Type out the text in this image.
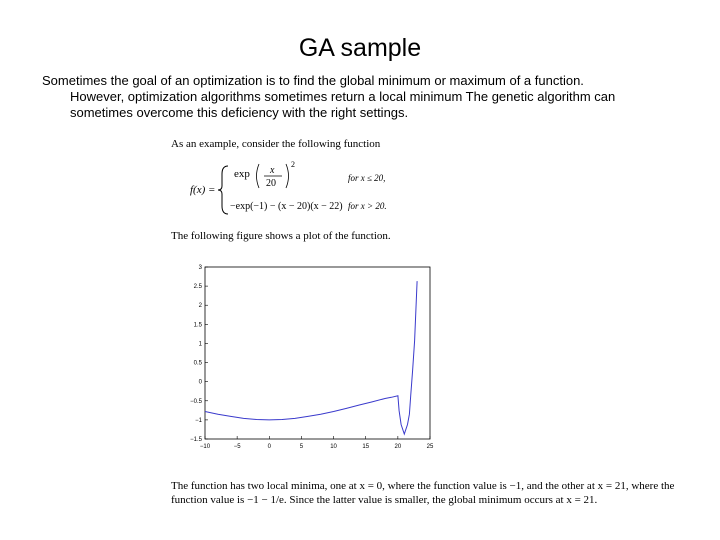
GA sample
Sometimes the goal of an optimization is to find the global minimum or maximum of a function.
However, optimization algorithms sometimes return a local minimum The genetic algorithm can
sometimes overcome this deficiency with the right settings.
As an example, consider the following function
f(x) =
exp x
20
2
for x ≤ 20,
−exp(−1) − (x − 20)(x − 22) for x > 20.
The following figure shows a plot of the function.
−10	−5	0	5	10	15	20	25
−1.5
−1
−0.5
0
0.5
1
1.5
2
2.5
3
The function has two local minima, one at x = 0, where the function value is −1, and the other at x = 21, where the
function value is −1 − 1/e. Since the latter value is smaller, the global minimum occurs at x = 21.
